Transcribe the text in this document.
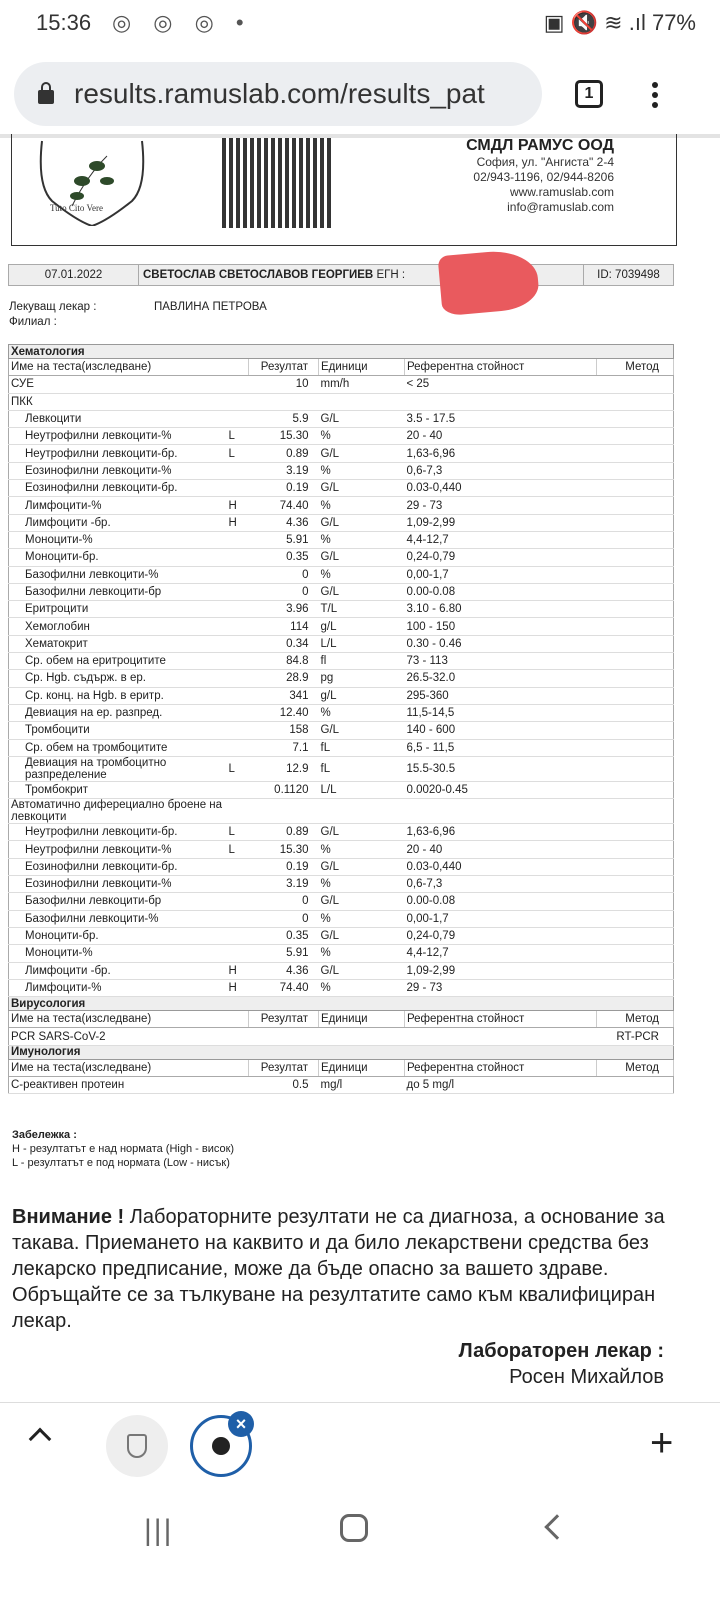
15:36 ◎ ◎ ◎ •	▣ 🔇 ≋ .ıl 77%
results.ramuslab.com/results_pat	1
Tuto Cito Vere
СМДЛ РАМУС ООД
София, ул. "Ангиста" 2-4
02/943-1196, 02/944-8206
www.ramuslab.com
info@ramuslab.com
07.01.2022	СВЕТОСЛАВ СВЕТОСЛАВОВ ГЕОРГИЕВ ЕГН :	ID: 7039498
Лекуващ лекар :	ПАВЛИНА ПЕТРОВА
Филиал :
Хематология					
Име на теста(изследване)		Резултат	Единици	Референтна стойност	Метод
СУЕ		10	mm/h	< 25	
ПКК					
Левкоцити		5.9	G/L	3.5 - 17.5	
Неутрофилни левкоцити-%	L	15.30	%	20 - 40	
Неутрофилни левкоцити-бр.	L	0.89	G/L	1,63-6,96	
Еозинофилни левкоцити-%		3.19	%	0,6-7,3	
Еозинофилни левкоцити-бр.		0.19	G/L	0.03-0,440	
Лимфоцити-%	H	74.40	%	29 - 73	
Лимфоцити -бр.	H	4.36	G/L	1,09-2,99	
Моноцити-%		5.91	%	4,4-12,7	
Моноцити-бр.		0.35	G/L	0,24-0,79	
Базофилни левкоцити-%		0	%	0,00-1,7	
Базофилни левкоцити-бр		0	G/L	0.00-0.08	
Еритроцити		3.96	T/L	3.10 - 6.80	
Хемоглобин		114	g/L	100 - 150	
Хематокрит		0.34	L/L	0.30 - 0.46	
Ср. обем на еритроцитите		84.8	fl	73 - 113	
Ср. Hgb. съдърж. в ер.		28.9	pg	26.5-32.0	
Ср. конц. на Hgb. в еритр.		341	g/L	295-360	
Девиация на ер. разпред.		12.40	%	11,5-14,5	
Тромбоцити		158	G/L	140 - 600	
Ср. обем на тромбоцитите		7.1	fL	6,5 - 11,5	
Девиация на тромбоцитно разпределение	L	12.9	fL	15.5-30.5	
Тромбокрит		0.1120	L/L	0.0020-0.45	
Автоматично диферециално броене на левкоцити					
Неутрофилни левкоцити-бр.	L	0.89	G/L	1,63-6,96	
Неутрофилни левкоцити-%	L	15.30	%	20 - 40	
Еозинофилни левкоцити-бр.		0.19	G/L	0.03-0,440	
Еозинофилни левкоцити-%		3.19	%	0,6-7,3	
Базофилни левкоцити-бр		0	G/L	0.00-0.08	
Базофилни левкоцити-%		0	%	0,00-1,7	
Моноцити-бр.		0.35	G/L	0,24-0,79	
Моноцити-%		5.91	%	4,4-12,7	
Лимфоцити -бр.	H	4.36	G/L	1,09-2,99	
Лимфоцити-%	H	74.40	%	29 - 73	
Вирусология					
Име на теста(изследване)		Резултат	Единици	Референтна стойност	Метод
PCR SARS-CoV-2					RT-PCR
Имунология					
Име на теста(изследване)		Резултат	Единици	Референтна стойност	Метод
C-реактивен протеин		0.5	mg/l	до 5 mg/l	
Забележка :
H - резултатът е над нормата (High - висок)
L - резултатът е под нормата (Low - нисък)
Внимание ! Лабораторните резултати не са диагноза, а основание за такава. Приемането на каквито и да било лекарствени средства без лекарско предписание, може да бъде опасно за вашето здраве. Обръщайте се за тълкуване на резултатите само към квалифициран лекар.
Лабораторен лекар :
Росен Михайлов
×	+
|||
